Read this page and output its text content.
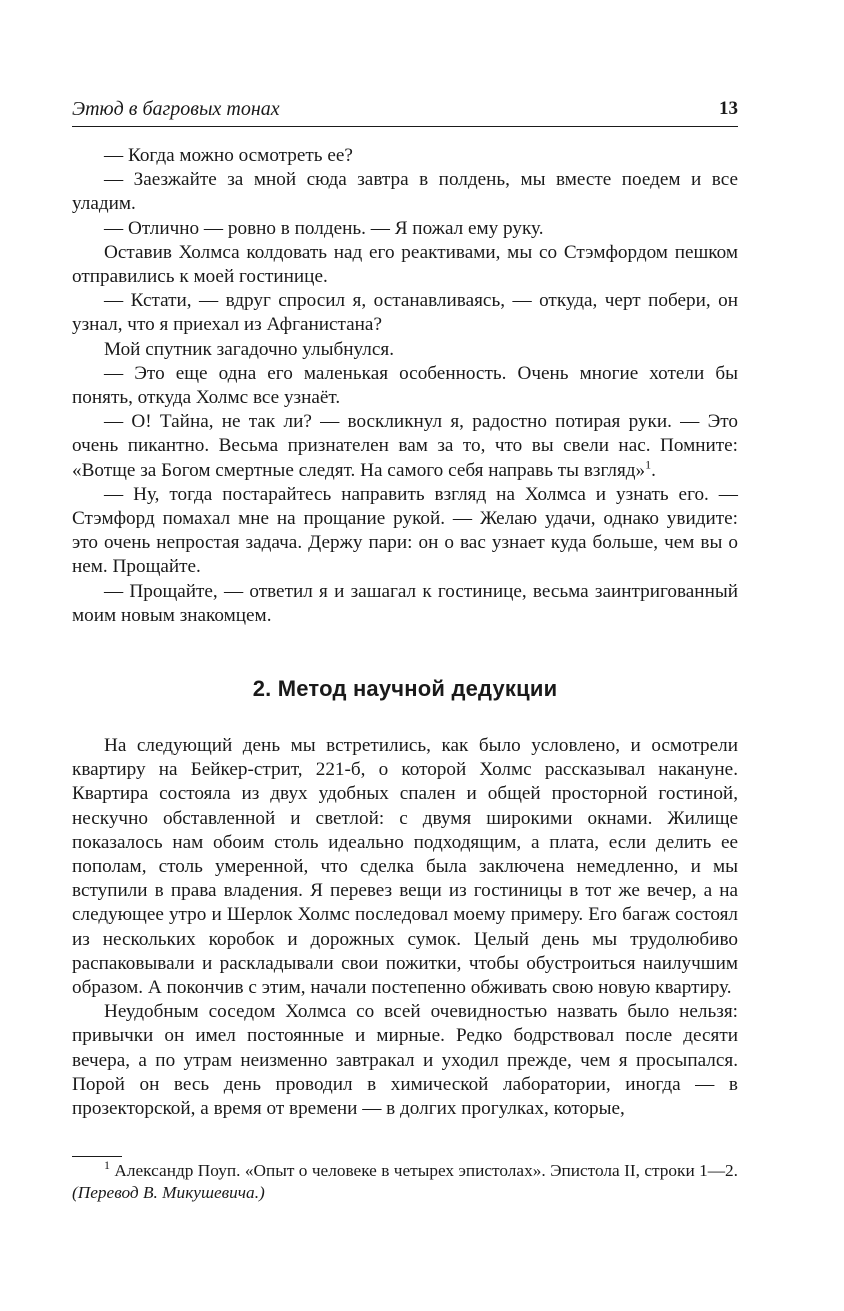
Этюд в багровых тонах	13

— Когда можно осмотреть ее?

— Заезжайте за мной сюда завтра в полдень, мы вместе поедем и все уладим.

— Отлично — ровно в полдень. — Я пожал ему руку.

Оставив Холмса колдовать над его реактивами, мы со Стэмфордом пешком отправились к моей гостинице.

— Кстати, — вдруг спросил я, останавливаясь, — откуда, черт побери, он узнал, что я приехал из Афганистана?

Мой спутник загадочно улыбнулся.

— Это еще одна его маленькая особенность. Очень многие хотели бы понять, откуда Холмс все узнаёт.

— О! Тайна, не так ли? — воскликнул я, радостно потирая руки. — Это очень пикантно. Весьма признателен вам за то, что вы свели нас. Помните: «Вотще за Богом смертные следят. На самого себя направь ты взгляд»$^1$.

— Ну, тогда постарайтесь направить взгляд на Холмса и узнать его. — Стэмфорд помахал мне на прощание рукой. — Желаю удачи, однако увидите: это очень непростая задача. Держу пари: он о вас узнает куда больше, чем вы о нем. Прощайте.

— Прощайте, — ответил я и зашагал к гостинице, весьма заинтригованный моим новым знакомцем.

2. Метод научной дедукции

На следующий день мы встретились, как было условлено, и осмотрели квартиру на Бейкер-стрит, 221-б, о которой Холмс рассказывал накануне. Квартира состояла из двух удобных спален и общей просторной гостиной, нескучно обставленной и светлой: с двумя широкими окнами. Жилище показалось нам обоим столь идеально подходящим, а плата, если делить ее пополам, столь умеренной, что сделка была заключена немедленно, и мы вступили в права владения. Я перевез вещи из гостиницы в тот же вечер, а на следующее утро и Шерлок Холмс последовал моему примеру. Его багаж состоял из нескольких коробок и дорожных сумок. Целый день мы трудолюбиво распаковывали и раскладывали свои пожитки, чтобы обустроиться наилучшим образом. А покончив с этим, начали постепенно обживать свою новую квартиру.

Неудобным соседом Холмса со всей очевидностью назвать было нельзя: привычки он имел постоянные и мирные. Редко бодрствовал после десяти вечера, а по утрам неизменно завтракал и уходил прежде, чем я просыпался. Порой он весь день проводил в химической лаборатории, иногда — в прозекторской, а время от времени — в долгих прогулках, которые,

$^1$ Александр Поуп. «Опыт о человеке в четырех эпистолах». Эпистола II, строки 1—2. (Перевод В. Микушевича.)
